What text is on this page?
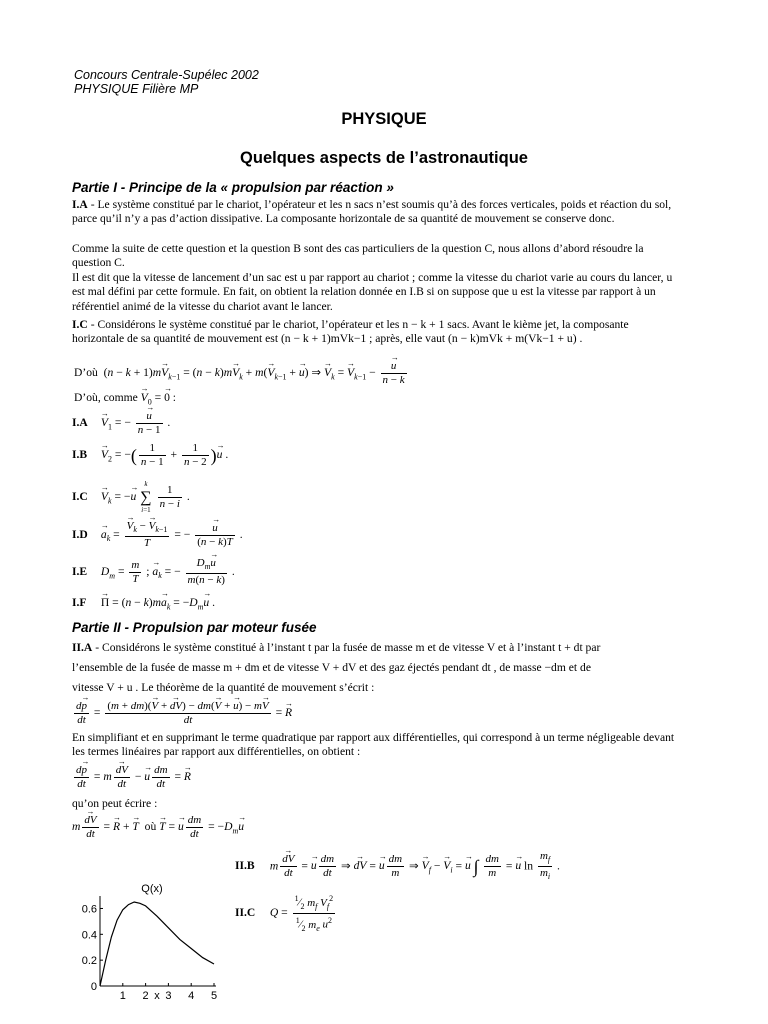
Concours Centrale-Supélec 2002
PHYSIQUE Filière MP
PHYSIQUE
Quelques aspects de l’astronautique
Partie I - Principe de la « propulsion par réaction »
I.A - Le système constitué par le chariot, l’opérateur et les n sacs n’est soumis qu’à des forces verticales, poids et réaction du sol, parce qu’il n’y a pas d’action dissipative. La composante horizontale de sa quantité de mouvement se conserve donc.
Comme la suite de cette question et la question B sont des cas particuliers de la question C, nous allons d’abord résoudre la question C.
Il est dit que la vitesse de lancement d’un sac est u par rapport au chariot ; comme la vitesse du chariot varie au cours du lancer, u est mal défini par cette formule. En fait, on obtient la relation donnée en I.B si on suppose que u est la vitesse par rapport à un référentiel animé de la vitesse du chariot avant le lancer.
I.C - Considérons le système constitué par le chariot, l’opérateur et les n − k + 1 sacs. Avant le kième jet, la composante horizontale de sa quantité de mouvement est (n − k + 1)mVk−1 ; après, elle vaut (n − k)mVk + m(Vk−1 + u) .
D’où  $(n - k + 1)m\to V_{k-1} = (n - k)m\to V_k + m(\to V_{k-1}$ + → u) ⇒ → $V_k$ = → $V_{k-1}$ −
→ $\frac{u}{n - k}$
D’où, comme → $V_0$ = → 0 :
$I.A \to V_1$ = −
→ $\frac{u}{n - 1}$ .
$I.B \to V_2$ = −( $\frac{1}{n - 1} + \frac{1}{n - 2}$ )→ u .
$I.C \to V_k$ = −→ u
k
∑
$i=1 \frac{1}{n - i}$ .
$I.D \to a_k$ =
→ $\frac{V_k - \to V_{k-1}}{T}$ = −
→ $\frac{u}{(n - k)T}$ .
I.E $D_m = \frac{m}{T}$ ; → $a_k$ = − $\frac{D_m\to u}{m(n - k)}$ .
$I.F \to \Pi = (n - k)m\to a_k = -D_m\to u$ .
Partie II - Propulsion par moteur fusée
II.A - Considérons le système constitué à l’instant t par la fusée de masse m et de vitesse V et à l’instant t + dt par
l’ensemble de la fusée de masse m + dm et de vitesse V + dV et des gaz éjectés pendant dt , de masse −dm et de
vitesse V + u . Le théorème de la quantité de mouvement s’écrit :
$\frac{d\to p}{dt} = \frac{(m + dm)(\to V + \to dV) - dm(\to V + \to u) - m\to V}{dt}$ = → R
En simplifiant et en supprimant le terme quadratique par rapport aux différentielles, qui correspond à un terme négligeable devant les termes linéaires par rapport aux différentielles, on obtient :
$\frac{d\to p}{dt} = m$
→ $\frac{dV}{dt}$ − → u $\frac{dm}{dt}$ = → R
qu’on peut écrire :
m
→ $\frac{dV}{dt}$ = → R + → T où → T = → u $\frac{dm}{dt} = -D_m\to u$
II.B m
→ $\frac{dV}{dt}$ = → u $\frac{dm}{dt}$ ⇒ → dV = → u $\frac{dm}{m}$ ⇒ → $V_f$ − → $V_i$ = → u ∫ $\frac{dm}{m}$ = → u $\ln \frac{m_f}{m_i}$ .
II.C $Q = \frac{^1⁄_2 m_f V_f^2}{^1⁄_2 m_e u^2}$
Q(x)
1 2 3 4 5
x
0
0.2
0.4
0.6
